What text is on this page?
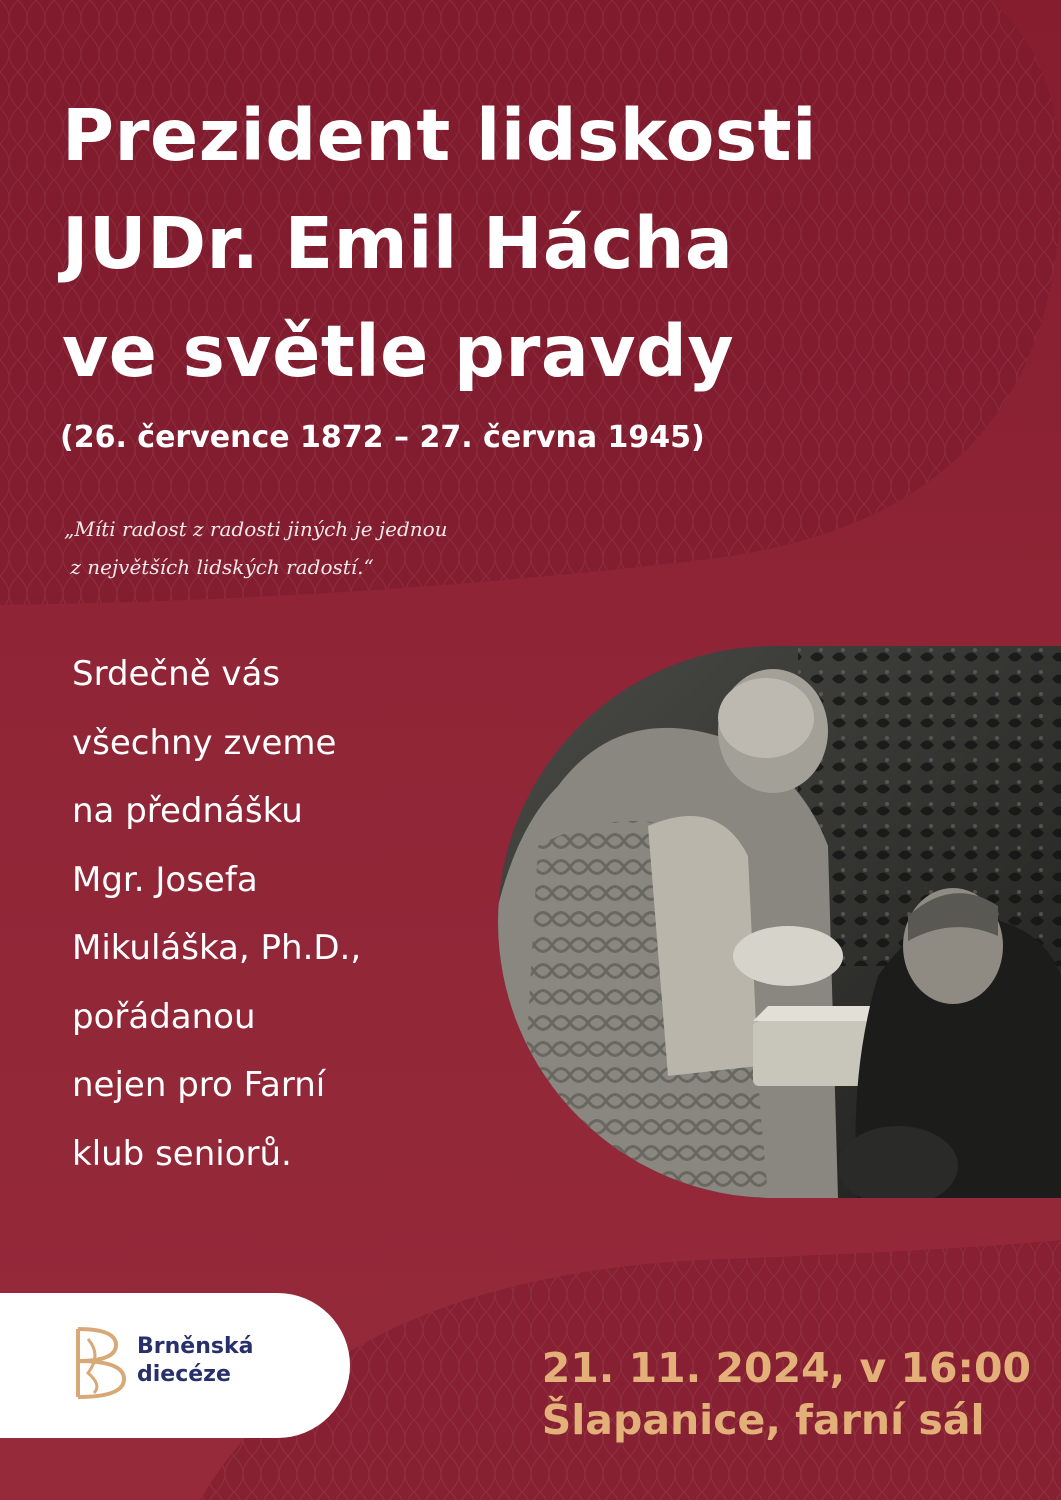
Prezident lidskosti
JUDr. Emil Hácha
ve světle pravdy
(26. července 1872 – 27. června 1945)
„Míti radost z radosti jiných je jednou
z největších lidských radostí.“
Srdečně vás
všechny zveme
na přednášku
Mgr. Josefa
Mikuláška, Ph.D.,
pořádanou
nejen pro Farní
klub seniorů.
Brněnská
diecéze	21. 11. 2024, v 16:00
Šlapanice, farní sál
